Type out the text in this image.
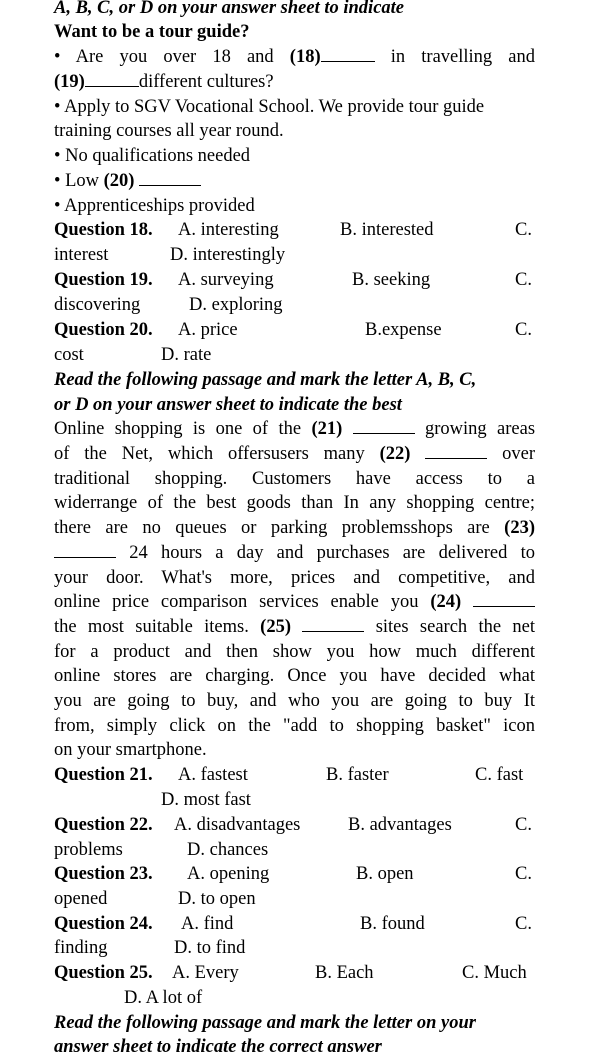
A, B, C, or D on your answer sheet to indicate
Want to be a tour guide?
• Are you over 18 and (18)	in travelling and
(19)	different cultures?
• Apply to SGV Vocational School. We provide tour guide
training courses all year round.
• No qualifications needed
• Low (20)
• Apprenticeships provided
Question 18. A. interesting	B. interested	C.
interest	D. interestingly
Question 19. A. surveying	B. seeking	C.
discovering	D. exploring
Question 20. A. price	B.expense	C.
cost	D. rate
Read the following passage and mark the letter A, B, C,
or D on your answer sheet to indicate the best
Online shopping is one of the (21)	growing areas
of the Net, which offersusers many (22)	over
traditional shopping. Customers have access to a
widerrange of the best goods than In any shopping centre;
there are no queues or parking problemsshops are (23)
24 hours a day and purchases are delivered to
your door. What's more, prices and competitive, and
online price comparison services enable you (24)
the most suitable items. (25)	sites search the net
for a product and then show you how much different
online stores are charging. Once you have decided what
you are going to buy, and who you are going to buy It
from, simply click on the "add to shopping basket" icon
on your smartphone.
Question 21. A. fastest	B. faster	C. fast
D. most fast
Question 22. A. disadvantages	B. advantages	C.
problems	D. chances
Question 23. A. opening	B. open	C.
opened	D. to open
Question 24. A. find	B. found	C.
finding	D. to find
Question 25. A. Every	B. Each	C. Much
D. A lot of
Read the following passage and mark the letter on your
answer sheet to indicate the correct answer
